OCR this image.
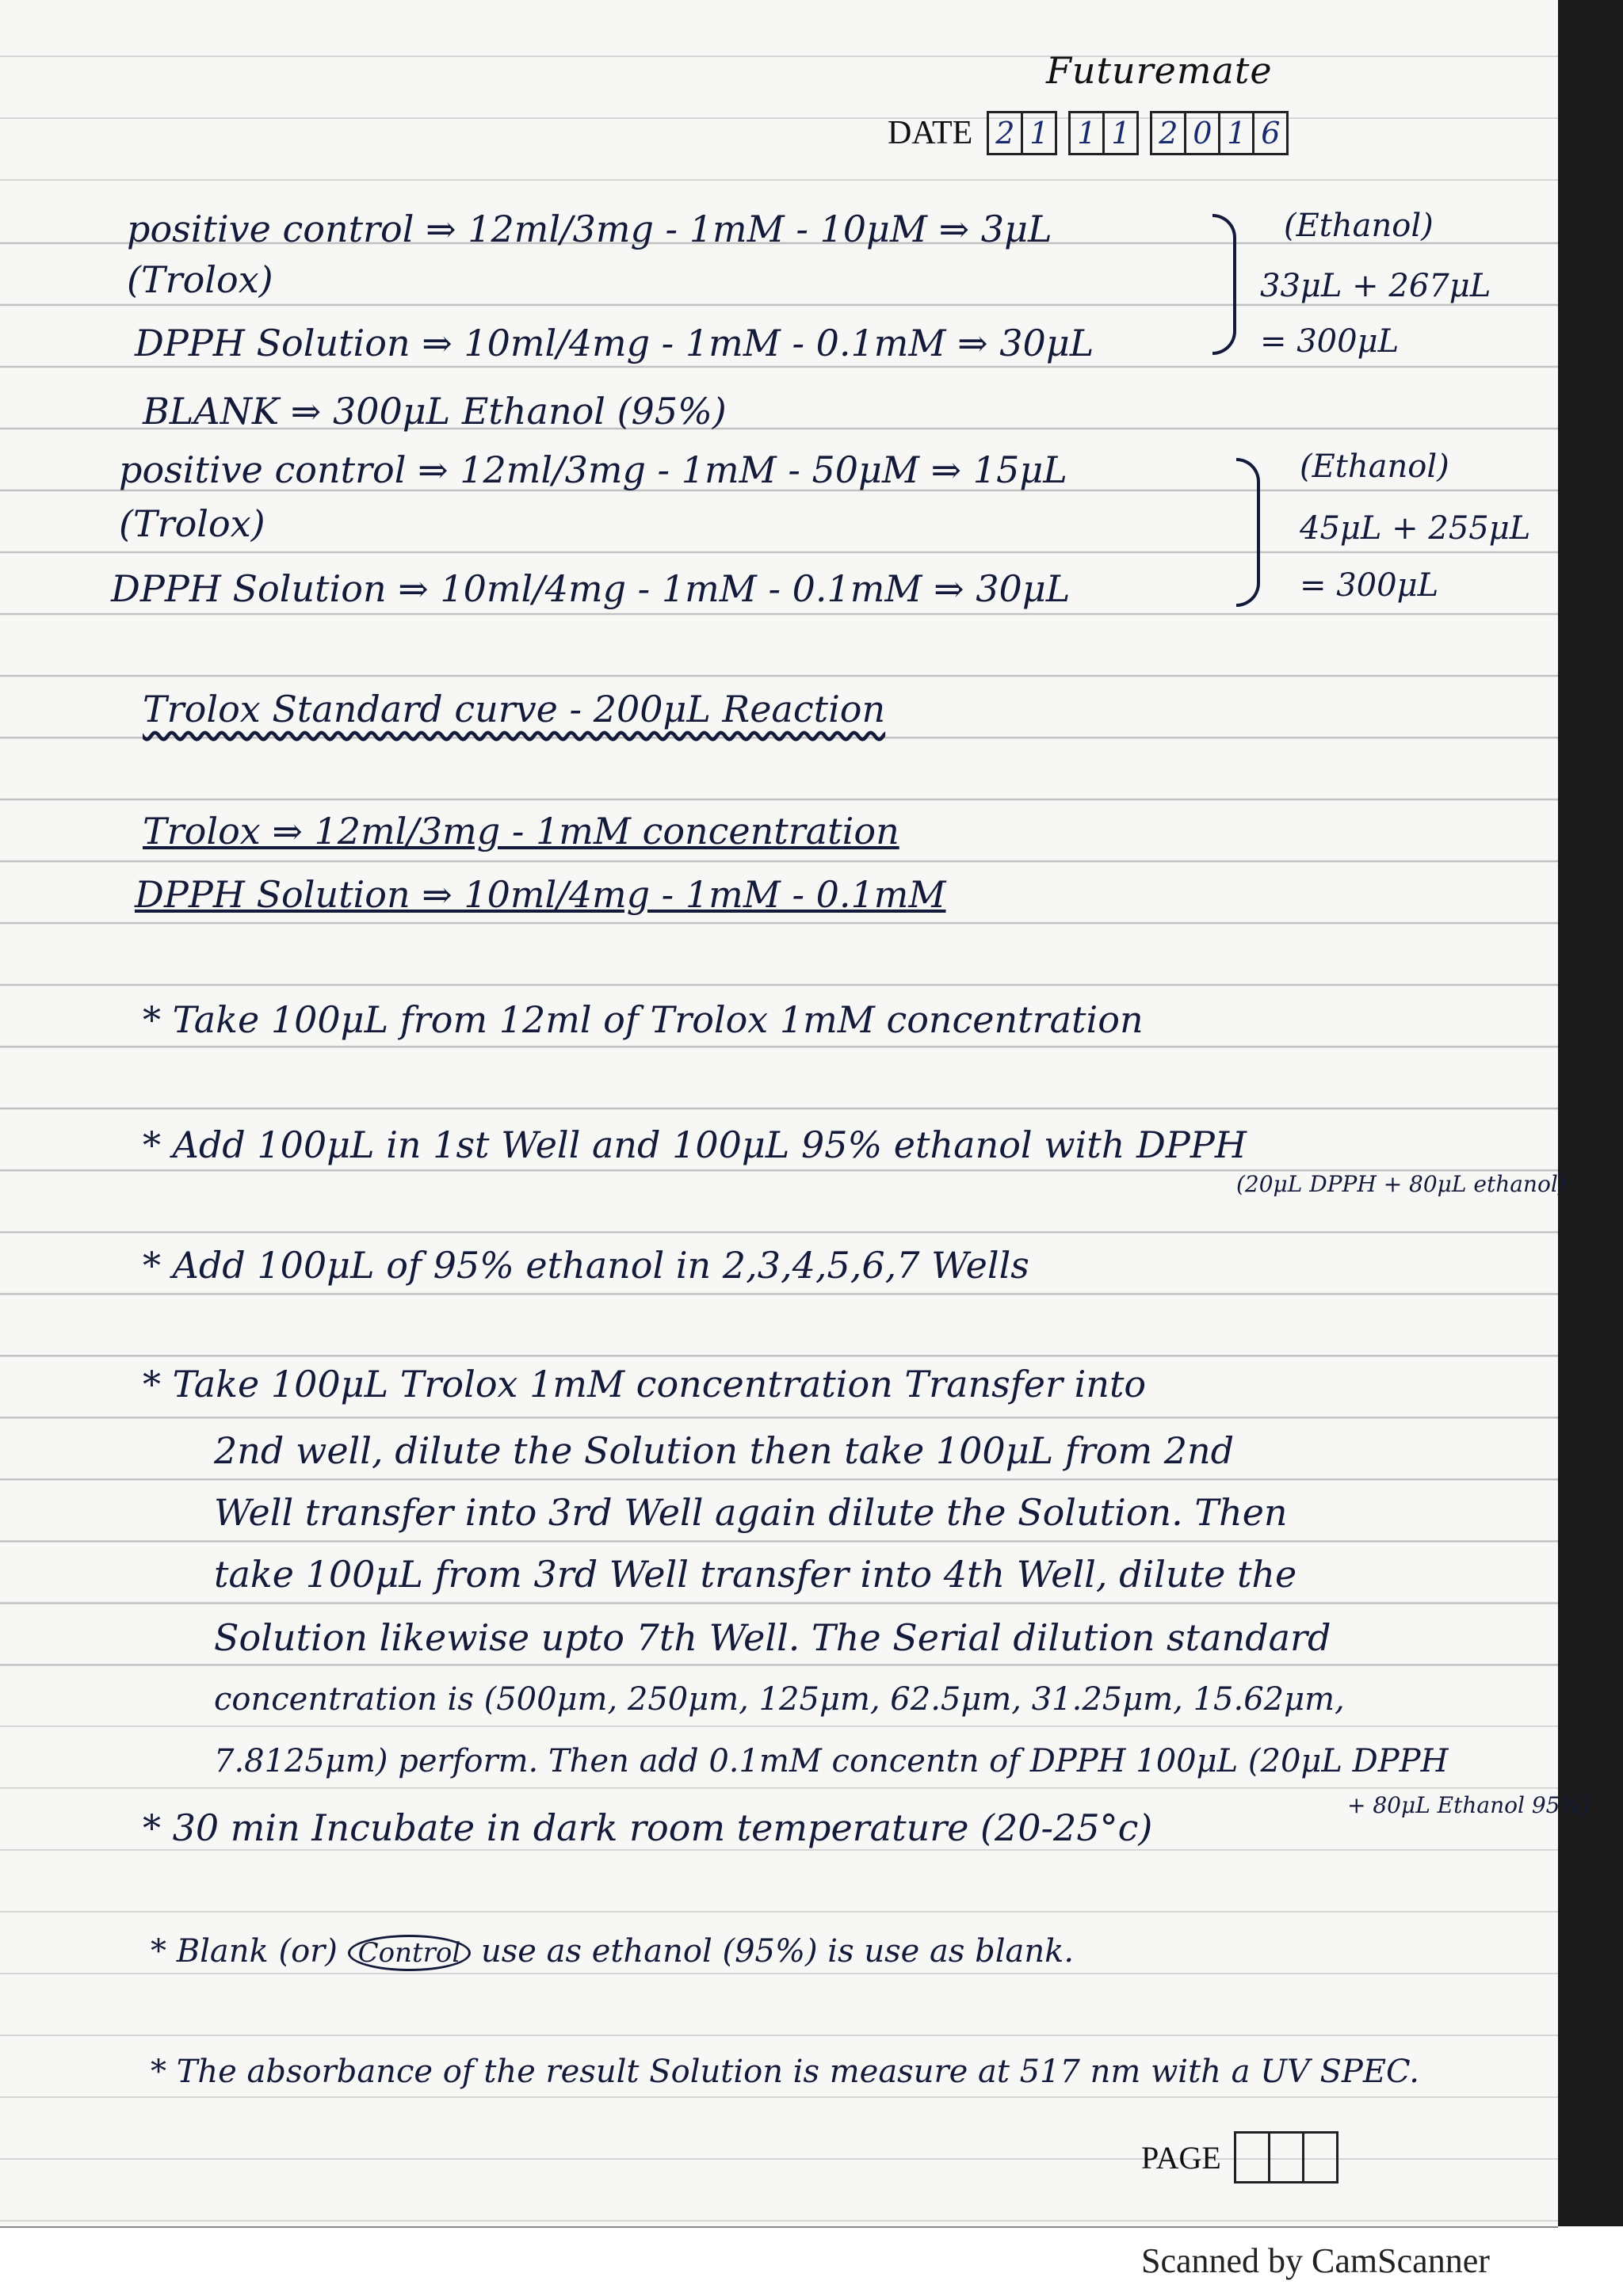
Futuremate
DATE 2 1 1 1 2 0 1 6
positive control ⇒ 12ml/3mg - 1mM - 10μM ⇒ 3μL
(Trolox)
DPPH Solution ⇒ 10ml/4mg - 1mM - 0.1mM ⇒ 30μL
BLANK ⇒ 300μL Ethanol (95%)
(Ethanol)
33μL + 267μL
= 300μL
positive control ⇒ 12ml/3mg - 1mM - 50μM ⇒ 15μL
(Trolox)
DPPH Solution ⇒ 10ml/4mg - 1mM - 0.1mM ⇒ 30μL
(Ethanol)
45μL + 255μL
= 300μL
Trolox Standard curve - 200μL Reaction
Trolox ⇒ 12ml/3mg - 1mM concentration
DPPH Solution ⇒ 10ml/4mg - 1mM - 0.1mM
* Take 100μL from 12ml of Trolox 1mM concentration
* Add 100μL in 1st Well and 100μL 95% ethanol with DPPH
(20μL DPPH + 80μL ethanol)
* Add 100μL of 95% ethanol in 2,3,4,5,6,7 Wells
* Take 100μL Trolox 1mM concentration Transfer into
2nd well, dilute the Solution then take 100μL from 2nd
Well transfer into 3rd Well again dilute the Solution. Then
take 100μL from 3rd Well transfer into 4th Well, dilute the
Solution likewise upto 7th Well. The Serial dilution standard
concentration is (500μm, 250μm, 125μm, 62.5μm, 31.25μm, 15.62μm,
7.8125μm) perform. Then add 0.1mM concentn of DPPH 100μL (20μL DPPH
+ 80μL Ethanol 95%)
* 30 min Incubate in dark room temperature (20-25°c)
* Blank (or) Control use as ethanol (95%) is use as blank.
* The absorbance of the result Solution is measure at 517 nm with a UV SPEC.
PAGE
Scanned by CamScanner
